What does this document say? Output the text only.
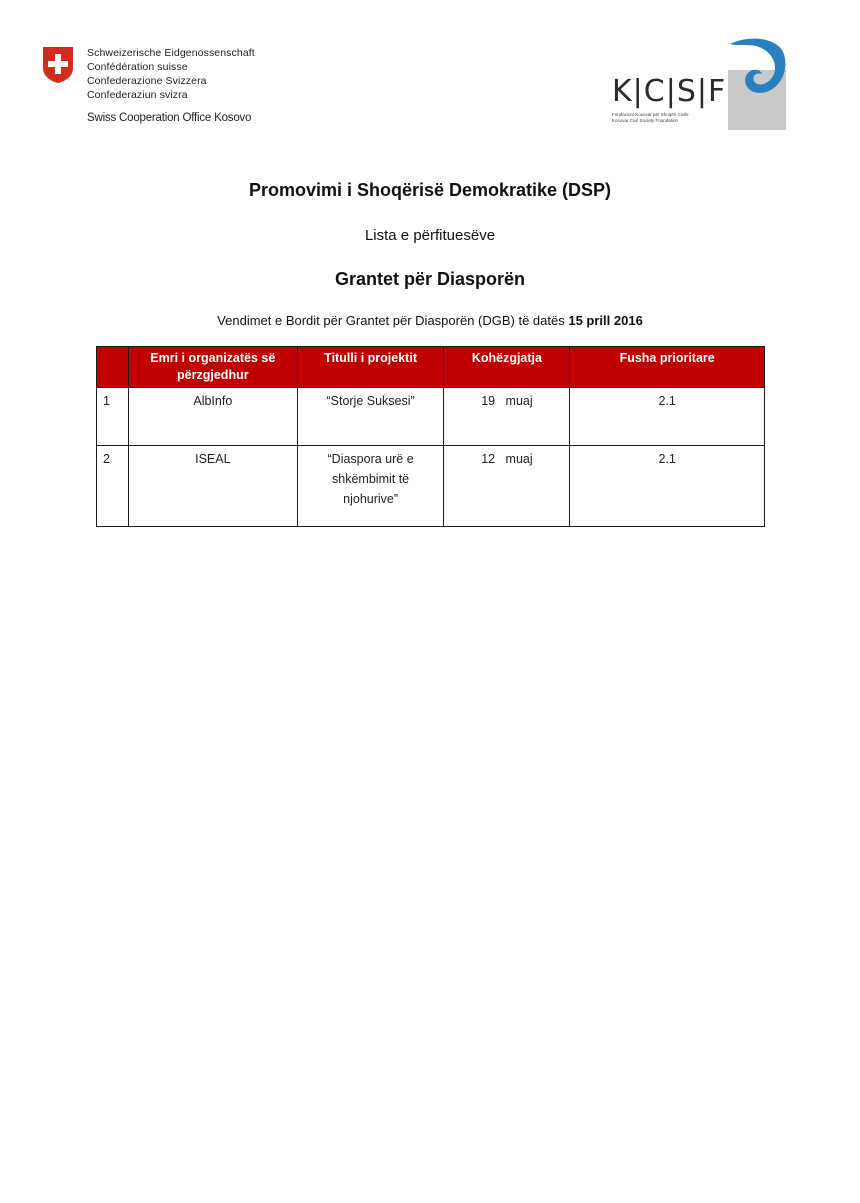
Schweizerische Eidgenossenschaft
Confédération suisse
Confederazione Svizzera
Confederaziun svizra
Swiss Cooperation Office Kosovo
K|C|S|F
Fondacioni Kosovar për Shoqëri Civile
Kosovar Civil Society Foundation
Promovimi i Shoqërisë Demokratike (DSP)
Lista e përfituesëve
Grantet për Diasporën
Vendimet e Bordit për Grantet për Diasporën (DGB) të datës 15 prill 2016
	Emri i organizatës së përzgjedhur	Titulli i projektit	Kohëzgjatja	Fusha prioritare
1	AlbInfo	“Storje Suksesi”	19   muaj	2.1
2	ISEAL	“Diaspora urë e shkëmbimit të njohurive”	12   muaj	2.1
